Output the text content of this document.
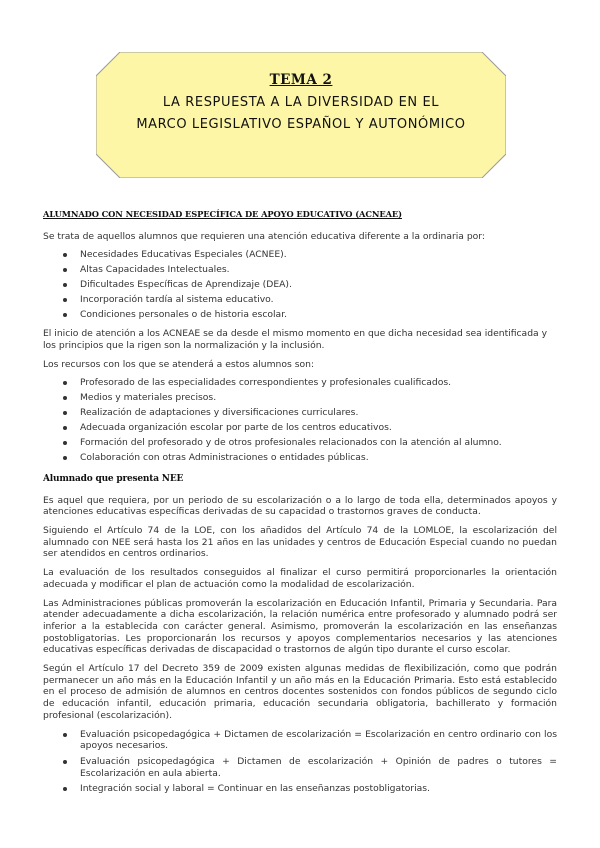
TEMA 2
LA RESPUESTA A LA DIVERSIDAD EN EL
MARCO LEGISLATIVO ESPAÑOL Y AUTONÓMICO
ALUMNADO CON NECESIDAD ESPECÍFICA DE APOYO EDUCATIVO (ACNEAE)

Se trata de aquellos alumnos que requieren una atención educativa diferente a la ordinaria por:

Necesidades Educativas Especiales (ACNEE).
Altas Capacidades Intelectuales.
Dificultades Específicas de Aprendizaje (DEA).
Incorporación tardía al sistema educativo.
Condiciones personales o de historia escolar.

El inicio de atención a los ACNEAE se da desde el mismo momento en que dicha necesidad sea identificada y los principios que la rigen son la normalización y la inclusión.

Los recursos con los que se atenderá a estos alumnos son:

Profesorado de las especialidades correspondientes y profesionales cualificados.
Medios y materiales precisos.
Realización de adaptaciones y diversificaciones curriculares.
Adecuada organización escolar por parte de los centros educativos.
Formación del profesorado y de otros profesionales relacionados con la atención al alumno.
Colaboración con otras Administraciones o entidades públicas.
Alumnado que presenta NEE

Es aquel que requiera, por un periodo de su escolarización o a lo largo de toda ella, determinados apoyos y atenciones educativas específicas derivadas de su capacidad o trastornos graves de conducta.

Siguiendo el Artículo 74 de la LOE, con los añadidos del Artículo 74 de la LOMLOE, la escolarización del alumnado con NEE será hasta los 21 años en las unidades y centros de Educación Especial cuando no puedan ser atendidos en centros ordinarios.

La evaluación de los resultados conseguidos al finalizar el curso permitirá proporcionarles la orientación adecuada y modificar el plan de actuación como la modalidad de escolarización.

Las Administraciones públicas promoverán la escolarización en Educación Infantil, Primaria y Secundaria. Para atender adecuadamente a dicha escolarización, la relación numérica entre profesorado y alumnado podrá ser inferior a la establecida con carácter general. Asimismo, promoverán la escolarización en las enseñanzas postobligatorias. Les proporcionarán los recursos y apoyos complementarios necesarios y las atenciones educativas específicas derivadas de discapacidad o trastornos de algún tipo durante el curso escolar.

Según el Artículo 17 del Decreto 359 de 2009 existen algunas medidas de flexibilización, como que podrán permanecer un año más en la Educación Infantil y un año más en la Educación Primaria. Esto está establecido en el proceso de admisión de alumnos en centros docentes sostenidos con fondos públicos de segundo ciclo de educación infantil, educación primaria, educación secundaria obligatoria, bachillerato y formación profesional (escolarización).

Evaluación psicopedagógica + Dictamen de escolarización = Escolarización en centro ordinario con los apoyos necesarios.
Evaluación psicopedagógica + Dictamen de escolarización + Opinión de padres o tutores = Escolarización en aula abierta.
Integración social y laboral = Continuar en las enseñanzas postobligatorias.
